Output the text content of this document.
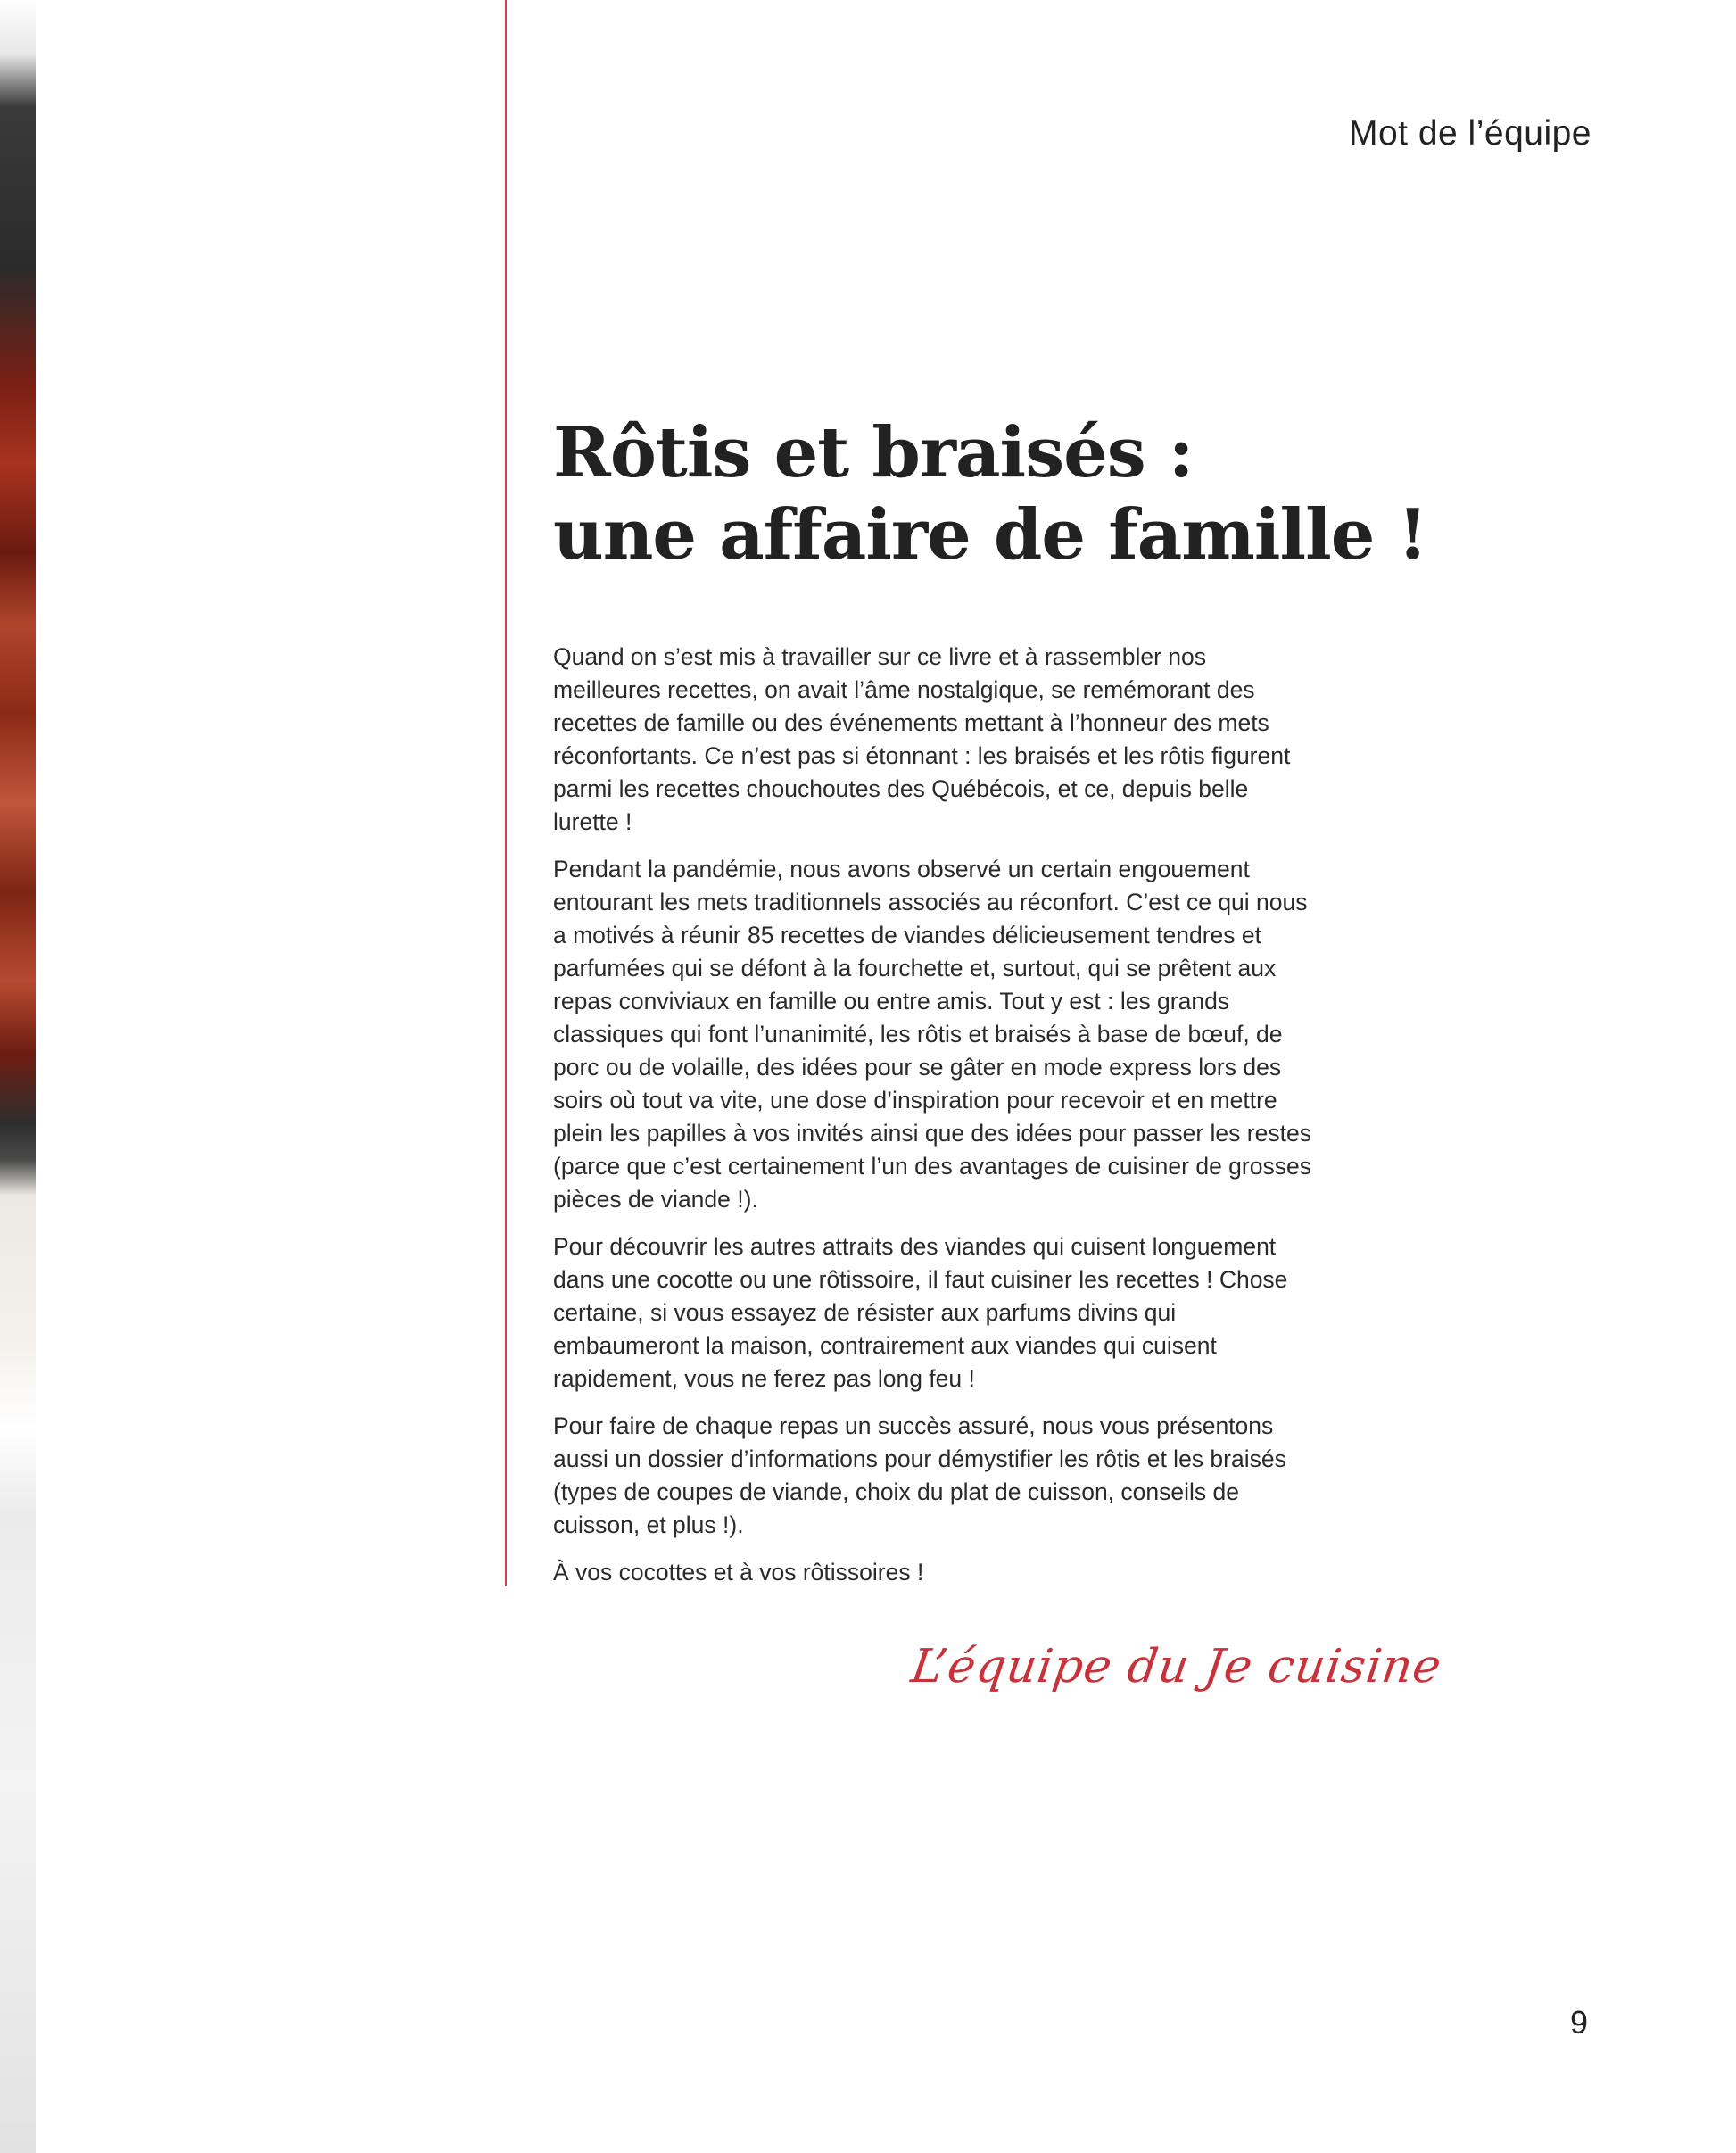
Mot de l’équipe
Rôtis et braisés :
une affaire de famille !

Quand on s’est mis à travailler sur ce livre et à rassembler nos meilleures recettes, on avait l’âme nostalgique, se remémorant des recettes de famille ou des événements mettant à l’honneur des mets réconfortants. Ce n’est pas si étonnant : les braisés et les rôtis figurent parmi les recettes chouchoutes des Québécois, et ce, depuis belle lurette !

Pendant la pandémie, nous avons observé un certain engouement entourant les mets traditionnels associés au réconfort. C’est ce qui nous a motivés à réunir 85 recettes de viandes délicieusement tendres et parfumées qui se défont à la fourchette et, surtout, qui se prêtent aux repas conviviaux en famille ou entre amis. Tout y est : les grands classiques qui font l’unanimité, les rôtis et braisés à base de bœuf, de porc ou de volaille, des idées pour se gâter en mode express lors des soirs où tout va vite, une dose d’inspiration pour recevoir et en mettre plein les papilles à vos invités ainsi que des idées pour passer les restes (parce que c’est certainement l’un des avantages de cuisiner de grosses pièces de viande !).

Pour découvrir les autres attraits des viandes qui cuisent longuement dans une cocotte ou une rôtissoire, il faut cuisiner les recettes ! Chose certaine, si vous essayez de résister aux parfums divins qui embaumeront la maison, contrairement aux viandes qui cuisent rapidement, vous ne ferez pas long feu !

Pour faire de chaque repas un succès assuré, nous vous présentons aussi un dossier d’informations pour démystifier les rôtis et les braisés (types de coupes de viande, choix du plat de cuisson, conseils de cuisson, et plus !).

À vos cocottes et à vos rôtissoires !

L’équipe du Je cuisine
9
